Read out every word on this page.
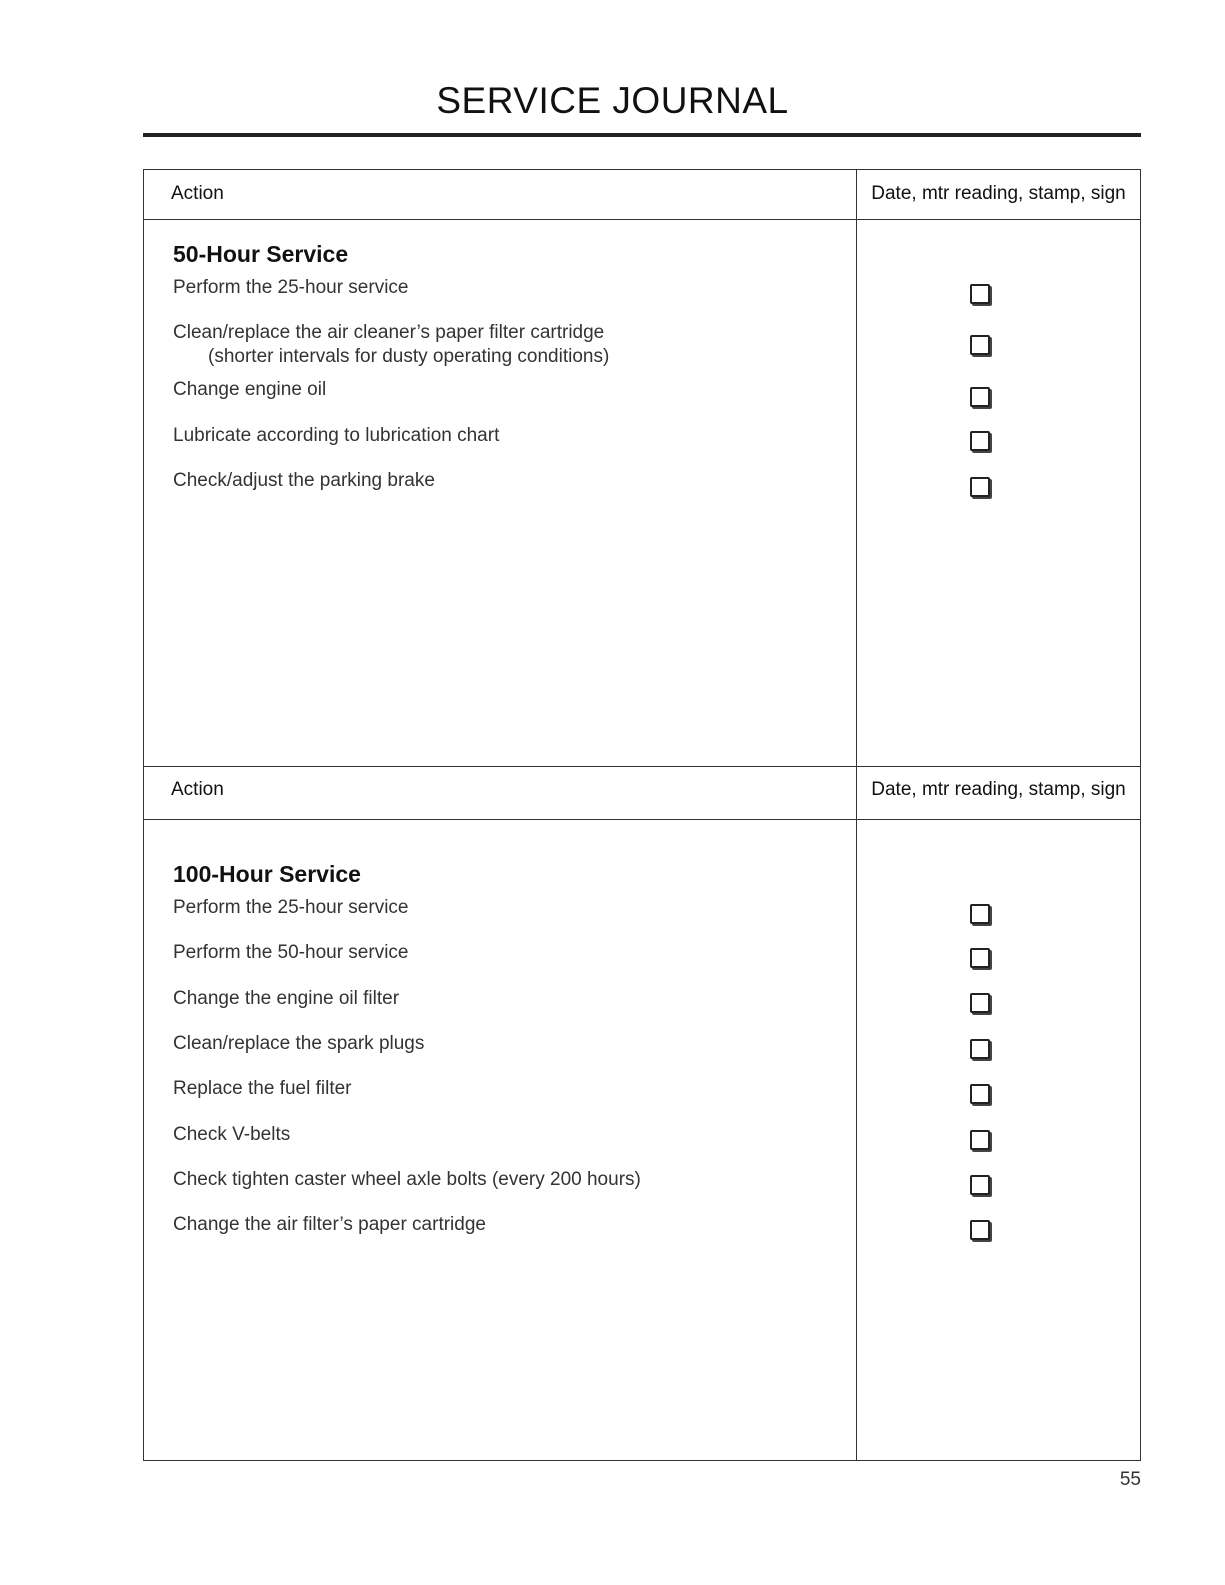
SERVICE JOURNAL
Action	Date, mtr reading, stamp, sign
50-Hour Service
Perform the 25-hour service
Clean/replace the air cleaner’s paper filter cartridge
(shorter intervals for dusty operating conditions)
Change engine oil
Lubricate according to lubrication chart
Check/adjust the parking brake
Action	Date, mtr reading, stamp, sign
100-Hour Service
Perform the 25-hour service
Perform the 50-hour service
Change the engine oil filter
Clean/replace the spark plugs
Replace the fuel filter
Check V-belts
Check tighten caster wheel axle bolts (every 200 hours)
Change the air filter’s paper cartridge
55
